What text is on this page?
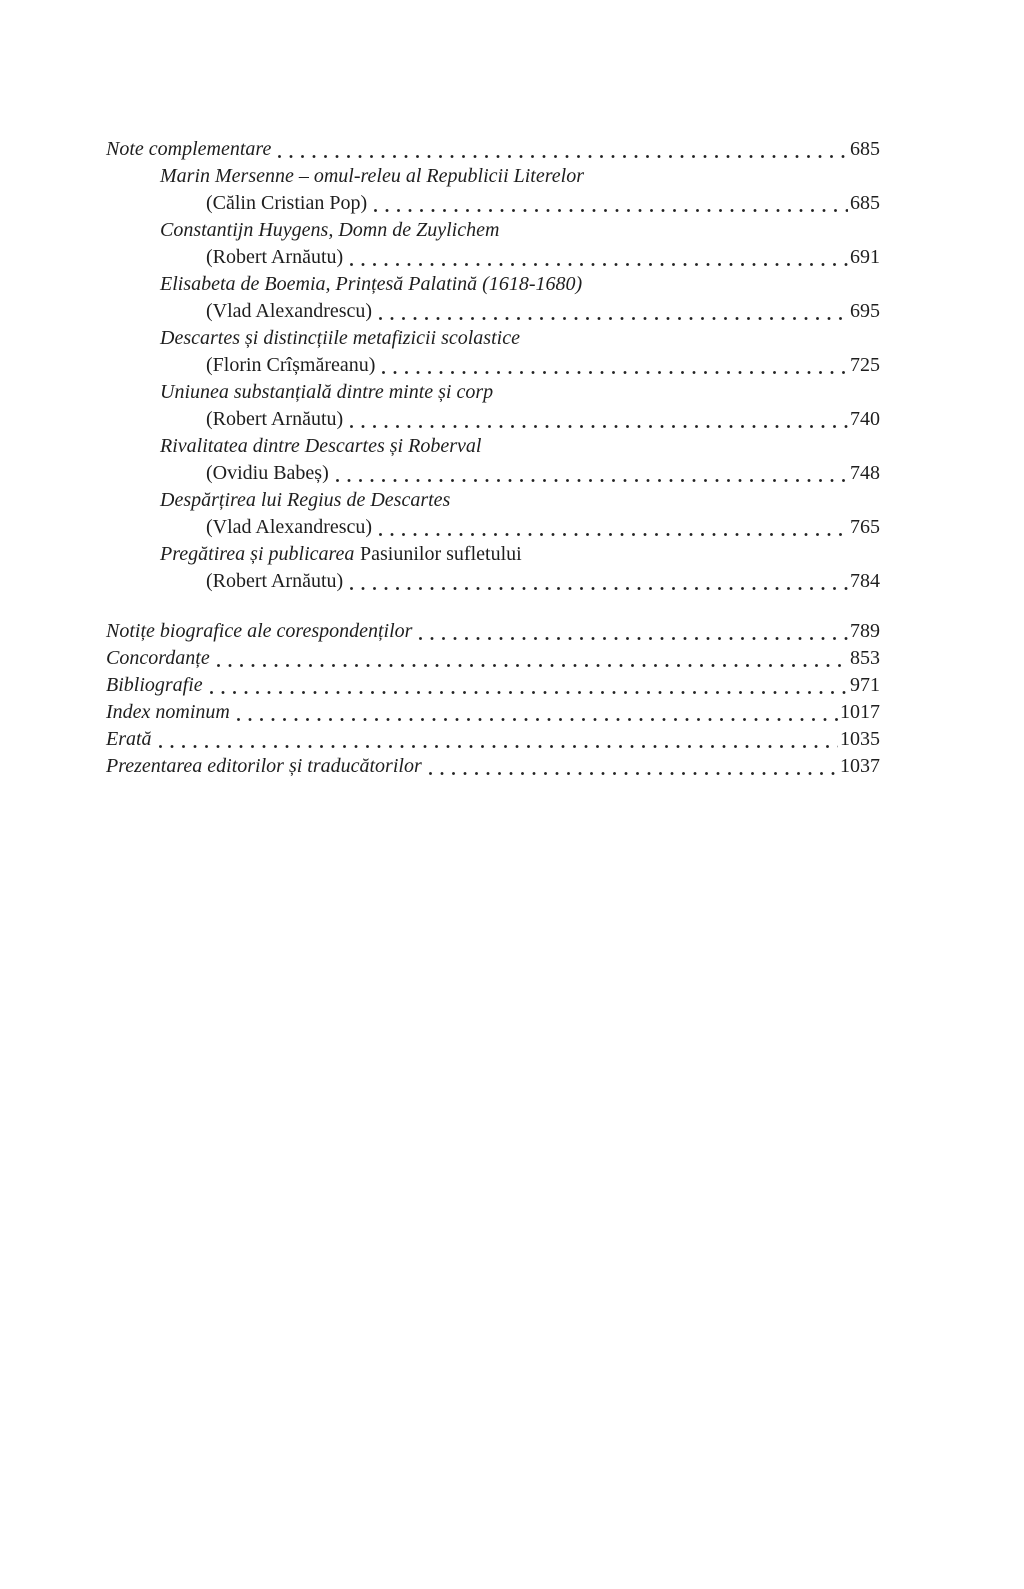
Note complementare	685
Marin Mersenne – omul-releu al Republicii Literelor
(Călin Cristian Pop)	685
Constantijn Huygens, Domn de Zuylichem
(Robert Arnăutu)	691
Elisabeta de Boemia, Prințesă Palatină (1618-1680)
(Vlad Alexandrescu)	695
Descartes și distincțiile metafizicii scolastice
(Florin Crîșmăreanu)	725
Uniunea substanțială dintre minte și corp
(Robert Arnăutu)	740
Rivalitatea dintre Descartes și Roberval
(Ovidiu Babeș)	748
Despărțirea lui Regius de Descartes
(Vlad Alexandrescu)	765
Pregătirea și publicarea Pasiunilor sufletului
(Robert Arnăutu)	784
Notițe biografice ale corespondenților	789
Concordanțe	853
Bibliografie	971
Index nominum	1017
Erată	1035
Prezentarea editorilor și traducătorilor	1037
